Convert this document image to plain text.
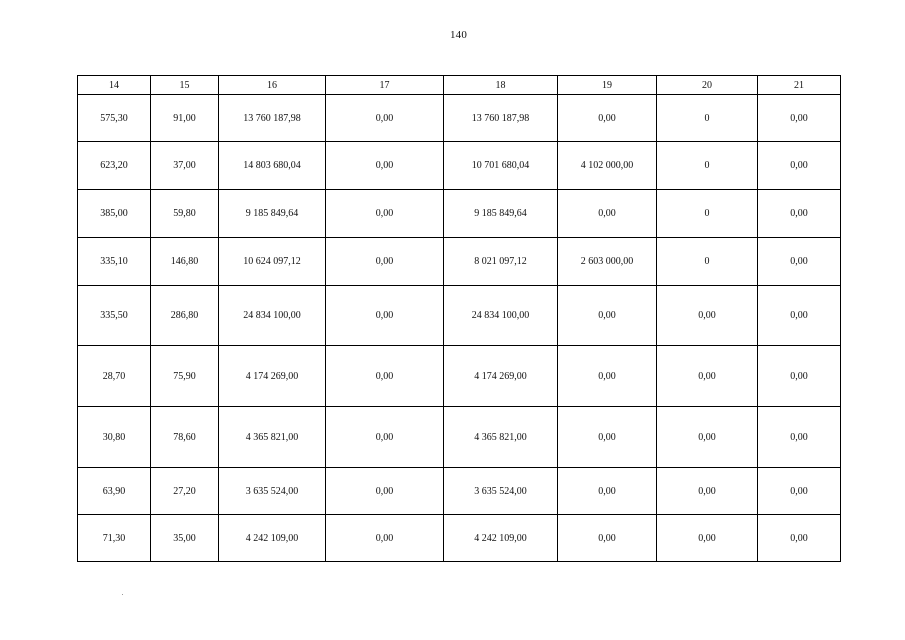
140
14	15	16	17	18	19	20	21
575,30	91,00	13 760 187,98	0,00	13 760 187,98	0,00	0	0,00
623,20	37,00	14 803 680,04	0,00	10 701 680,04	4 102 000,00	0	0,00
385,00	59,80	9 185 849,64	0,00	9 185 849,64	0,00	0	0,00
335,10	146,80	10 624 097,12	0,00	8 021 097,12	2 603 000,00	0	0,00
335,50	286,80	24 834 100,00	0,00	24 834 100,00	0,00	0,00	0,00
28,70	75,90	4 174 269,00	0,00	4 174 269,00	0,00	0,00	0,00
30,80	78,60	4 365 821,00	0,00	4 365 821,00	0,00	0,00	0,00
63,90	27,20	3 635 524,00	0,00	3 635 524,00	0,00	0,00	0,00
71,30	35,00	4 242 109,00	0,00	4 242 109,00	0,00	0,00	0,00
